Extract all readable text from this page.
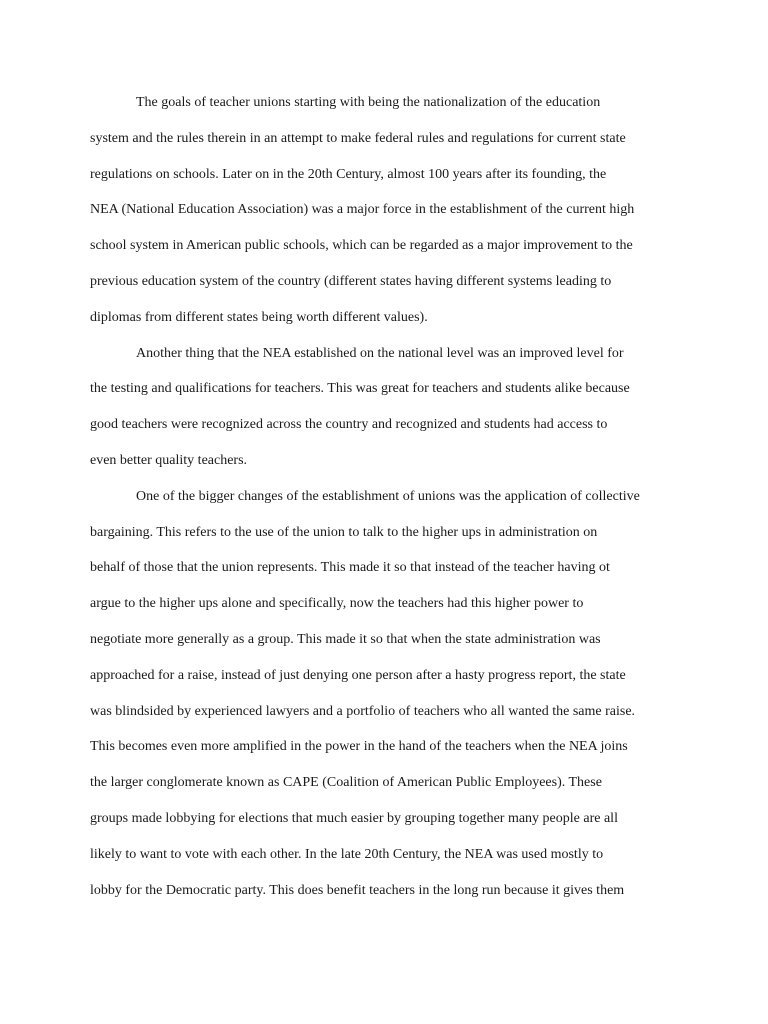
The goals of teacher unions starting with being the nationalization of the education
system and the rules therein in an attempt to make federal rules and regulations for current state
regulations on schools. Later on in the 20th Century, almost 100 years after its founding, the
NEA (National Education Association) was a major force in the establishment of the current high
school system in American public schools, which can be regarded as a major improvement to the
previous education system of the country (different states having different systems leading to
diplomas from different states being worth different values).
Another thing that the NEA established on the national level was an improved level for
the testing and qualifications for teachers. This was great for teachers and students alike because
good teachers were recognized across the country and recognized and students had access to
even better quality teachers.
One of the bigger changes of the establishment of unions was the application of collective
bargaining. This refers to the use of the union to talk to the higher ups in administration on
behalf of those that the union represents. This made it so that instead of the teacher having ot
argue to the higher ups alone and specifically, now the teachers had this higher power to
negotiate more generally as a group. This made it so that when the state administration was
approached for a raise, instead of just denying one person after a hasty progress report, the state
was blindsided by experienced lawyers and a portfolio of teachers who all wanted the same raise.
This becomes even more amplified in the power in the hand of the teachers when the NEA joins
the larger conglomerate known as CAPE (Coalition of American Public Employees). These
groups made lobbying for elections that much easier by grouping together many people are all
likely to want to vote with each other. In the late 20th Century, the NEA was used mostly to
lobby for the Democratic party. This does benefit teachers in the long run because it gives them
